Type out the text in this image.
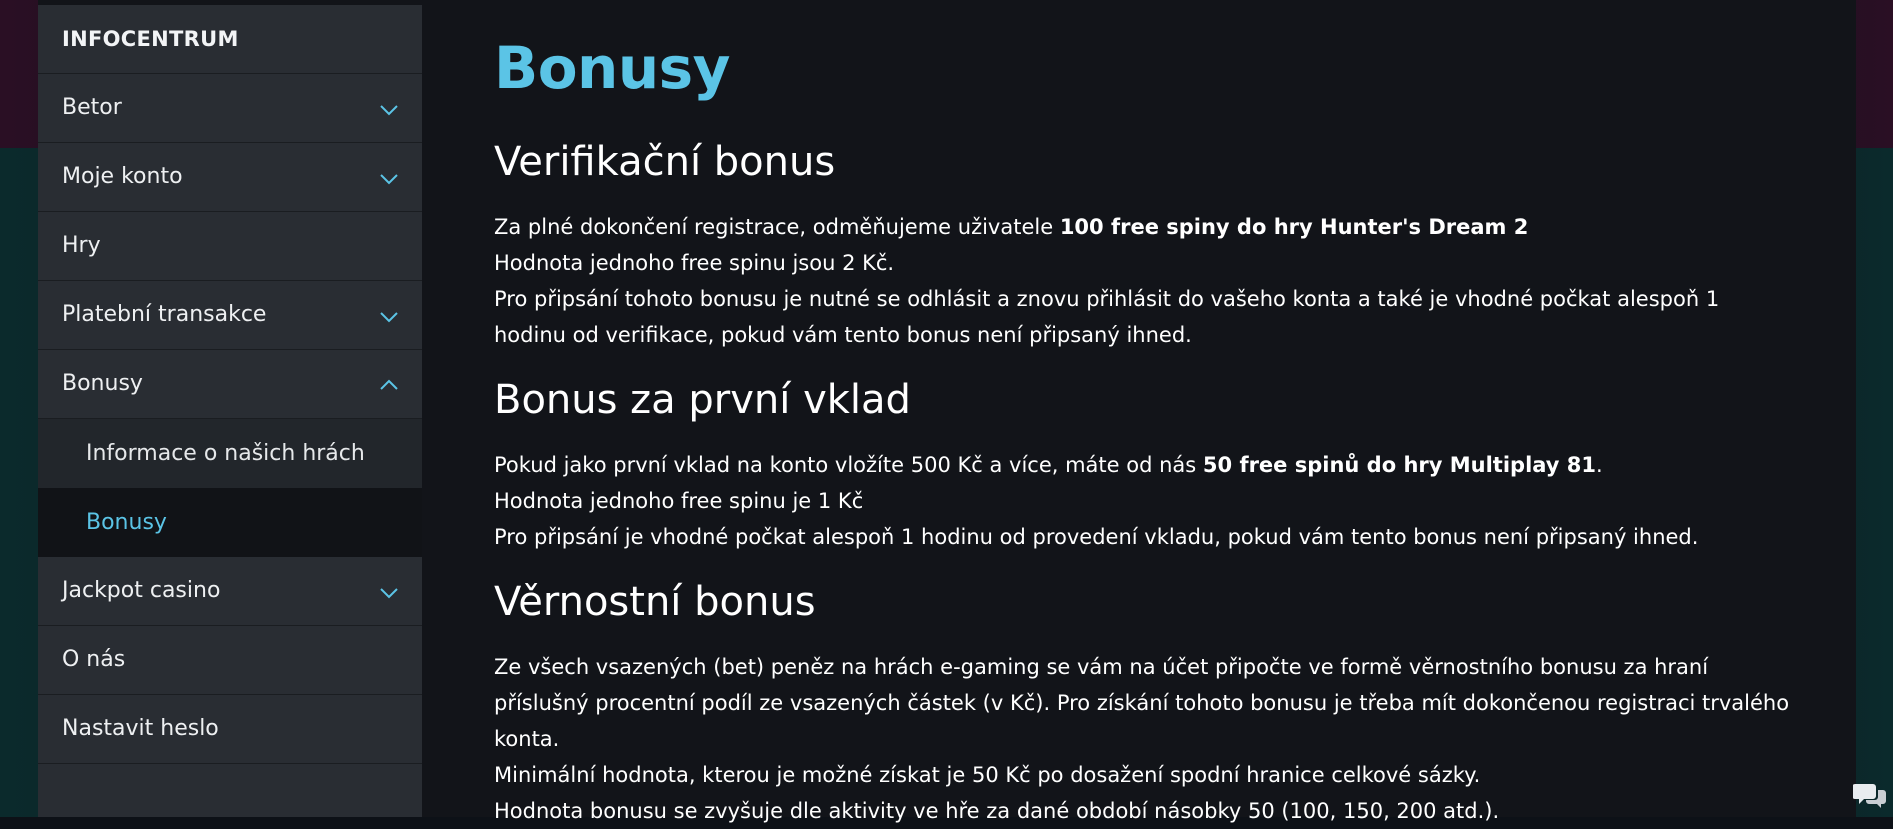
INFOCENTRUM
Betor
Moje konto
Hry
Platební transakce
Bonusy
Informace o našich hrách
Bonusy
Jackpot casino
O nás
Nastavit heslo
Bonusy
Verifikační bonus

Za plné dokončení registrace, odměňujeme uživatele 100 free spiny do hry Hunter's Dream 2
Hodnota jednoho free spinu jsou 2 Kč.
Pro připsání tohoto bonusu je nutné se odhlásit a znovu přihlásit do vašeho konta a také je vhodné počkat alespoň 1 hodinu od verifikace, pokud vám tento bonus není připsaný ihned.

Bonus za první vklad

Pokud jako první vklad na konto vložíte 500 Kč a více, máte od nás 50 free spinů do hry Multiplay 81.
Hodnota jednoho free spinu je 1 Kč
Pro připsání je vhodné počkat alespoň 1 hodinu od provedení vkladu, pokud vám tento bonus není připsaný ihned.

Věrnostní bonus

Ze všech vsazených (bet) peněz na hrách e-gaming se vám na účet připočte ve formě věrnostního bonusu za hraní příslušný procentní podíl ze vsazených částek (v Kč). Pro získání tohoto bonusu je třeba mít dokončenou registraci trvalého konta.
Minimální hodnota, kterou je možné získat je 50 Kč po dosažení spodní hranice celkové sázky.
Hodnota bonusu se zvyšuje dle aktivity ve hře za dané období násobky 50 (100, 150, 200 atd.).
